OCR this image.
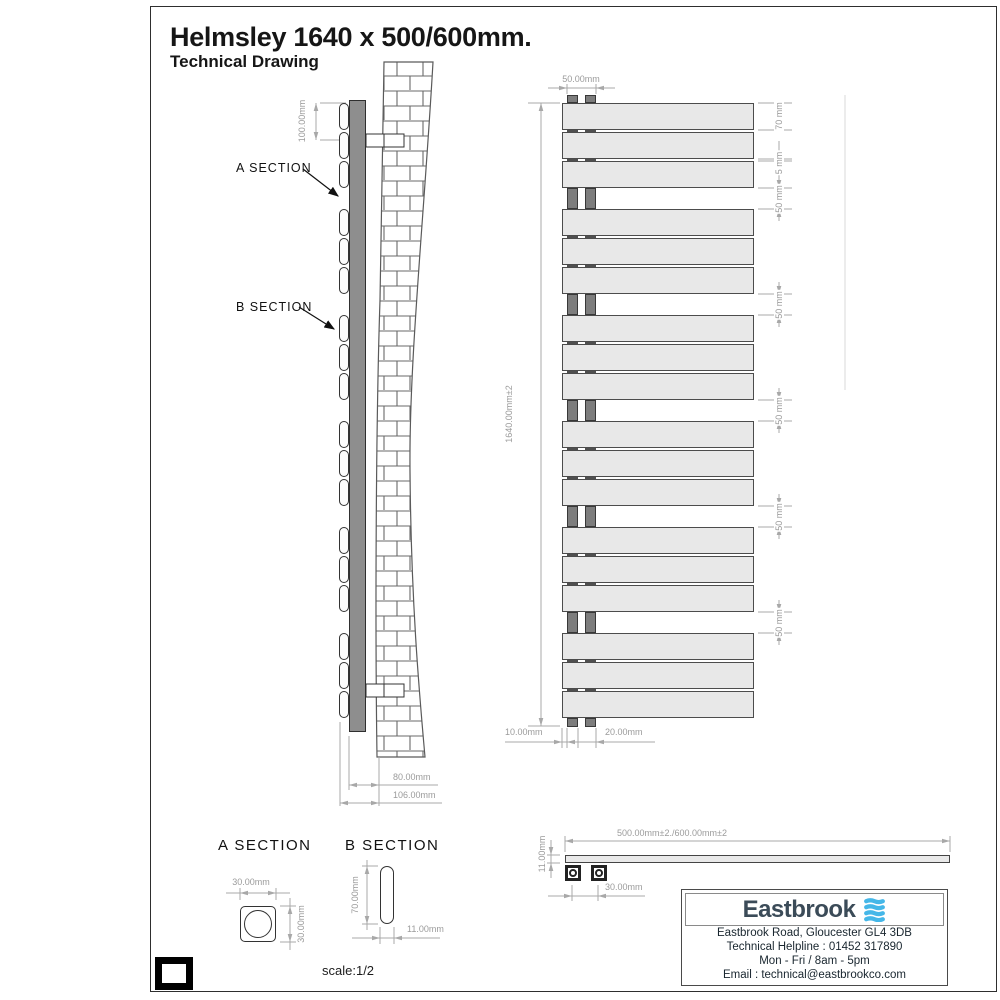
Helmsley 1640 x 500/600mm.
Technical Drawing
A SECTION
B SECTION
100.00mm
50.00mm
1640.00mm±2
70 mm
5 mm
10.00mm	20.00mm
80.00mm
106.00mm
500.00mm±2./600.00mm±2
11.00mm
30.00mm
A SECTION
30.00mm
30.00mm
B SECTION
70.00mm
11.00mm
scale:1/2
Eastbrook
Eastbrook Road, Gloucester GL4 3DB
Technical Helpline : 01452 317890
Mon - Fri / 8am - 5pm
Email : technical@eastbrookco.com
50 mm
50 mm
50 mm
50 mm
50 mm
